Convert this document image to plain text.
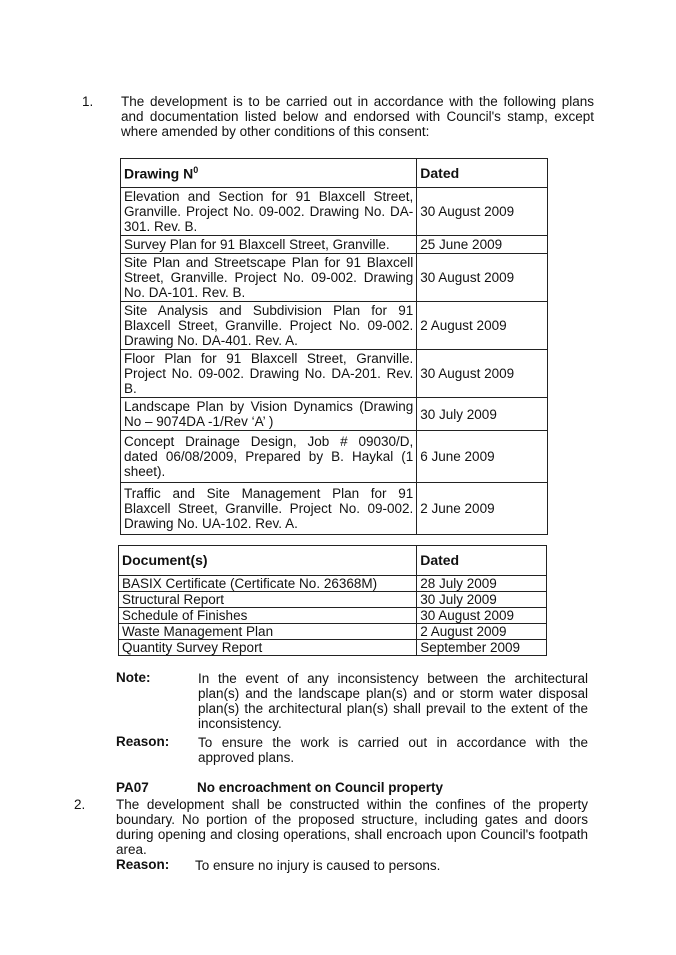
1. The development is to be carried out in accordance with the following plans and documentation listed below and endorsed with Council's stamp, except where amended by other conditions of this consent:
Drawing $N^0$	Dated
Elevation and Section for 91 Blaxcell Street, Granville. Project No. 09-002. Drawing No. DA-301. Rev. B.	30 August 2009
Survey Plan for 91 Blaxcell Street, Granville.	25 June 2009
Site Plan and Streetscape Plan for 91 Blaxcell Street, Granville. Project No. 09-002. Drawing No. DA-101. Rev. B.	30 August 2009
Site Analysis and Subdivision Plan for 91 Blaxcell Street, Granville. Project No. 09-002. Drawing No. DA-401. Rev. A.	2 August 2009
Floor Plan for 91 Blaxcell Street, Granville. Project No. 09-002. Drawing No. DA-201. Rev. B.	30 August 2009
Landscape Plan by Vision Dynamics (Drawing No – 9074DA -1/Rev ‘A’ )	30 July 2009
Concept Drainage Design, Job # 09030/D, dated 06/08/2009, Prepared by B. Haykal (1 sheet).	6 June 2009
Traffic and Site Management Plan for 91 Blaxcell Street, Granville. Project No. 09-002. Drawing No. UA-102. Rev. A.	2 June 2009
Document(s)	Dated
BASIX Certificate (Certificate No. 26368M)	28 July 2009
Structural Report	30 July 2009
Schedule of Finishes	30 August 2009
Waste Management Plan	2 August 2009
Quantity Survey Report	September 2009
Note:	In the event of any inconsistency between the architectural plan(s) and the landscape plan(s) and or storm water disposal plan(s) the architectural plan(s) shall prevail to the extent of the inconsistency.
Reason: To ensure the work is carried out in accordance with the approved plans.
PA07	No encroachment on Council property
2. The development shall be constructed within the confines of the property boundary. No portion of the proposed structure, including gates and doors during opening and closing operations, shall encroach upon Council's footpath area.
Reason: To ensure no injury is caused to persons.
